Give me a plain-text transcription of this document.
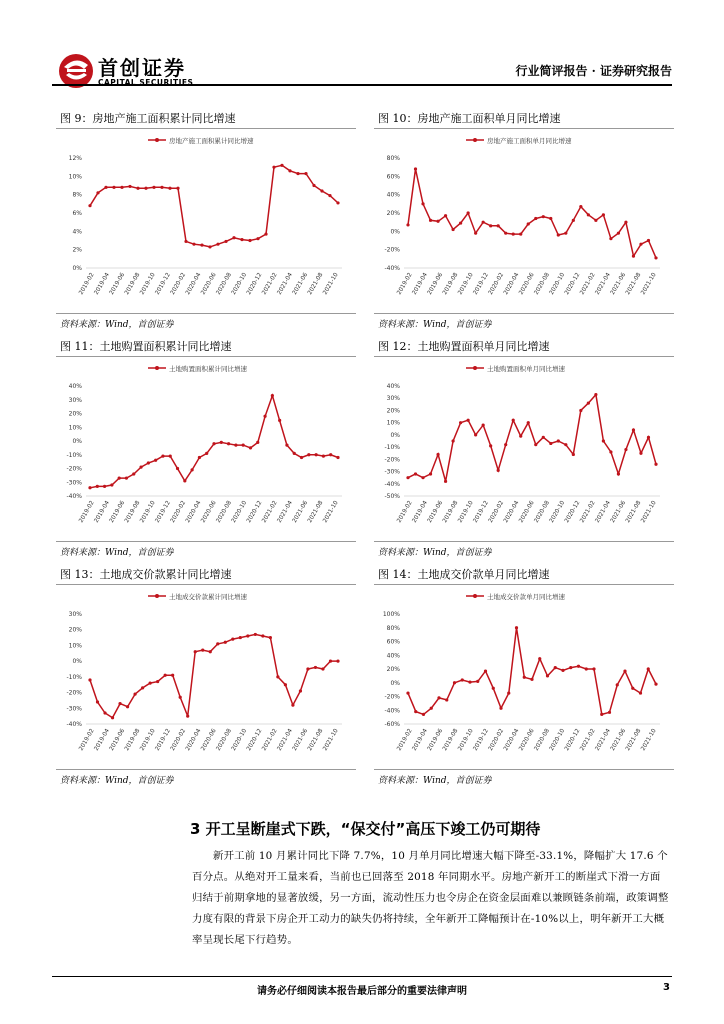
首创证券
CAPITAL SECURITIES
行业简评报告 · 证券研究报告
图 9：房地产施工面积累计同比增速
资料来源：Wind，首创证券
房地产施工面积累计同比增速
12%
10%
8%
6%
4%
2%
0%
2019-02
2019-04
2019-06
2019-08
2019-10
2019-12
2020-02
2020-04
2020-06
2020-08
2020-10
2020-12
2021-02
2021-04
2021-06
2021-08
2021-10
图 10：房地产施工面积单月同比增速
资料来源：Wind，首创证券
房地产施工面积单月同比增速
80%
60%
40%
20%
0%
-20%
-40%
2019-02
2019-04
2019-06
2019-08
2019-10
2019-12
2020-02
2020-04
2020-06
2020-08
2020-10
2020-12
2021-02
2021-04
2021-06
2021-08
2021-10
图 11：土地购置面积累计同比增速
资料来源：Wind，首创证券
土地购置面积累计同比增速
40%
30%
20%
10%
0%
-10%
-20%
-30%
-40%
2019-02
2019-04
2019-06
2019-08
2019-10
2019-12
2020-02
2020-04
2020-06
2020-08
2020-10
2020-12
2021-02
2021-04
2021-06
2021-08
2021-10
图 12：土地购置面积单月同比增速
资料来源：Wind，首创证券
土地购置面积单月同比增速
40%
30%
20%
10%
0%
-10%
-20%
-30%
-40%
-50%
2019-02
2019-04
2019-06
2019-08
2019-10
2019-12
2020-02
2020-04
2020-06
2020-08
2020-10
2020-12
2021-02
2021-04
2021-06
2021-08
2021-10
图 13：土地成交价款累计同比增速
资料来源：Wind，首创证券
土地成交价款累计同比增速
30%
20%
10%
0%
-10%
-20%
-30%
-40%
2019-02
2019-04
2019-06
2019-08
2019-10
2019-12
2020-02
2020-04
2020-06
2020-08
2020-10
2020-12
2021-02
2021-04
2021-06
2021-08
2021-10
图 14：土地成交价款单月同比增速
资料来源：Wind，首创证券
土地成交价款单月同比增速
100%
80%
60%
40%
20%
0%
-20%
-40%
-60%
2019-02
2019-04
2019-06
2019-08
2019-10
2019-12
2020-02
2020-04
2020-06
2020-08
2020-10
2020-12
2021-02
2021-04
2021-06
2021-08
2021-10
3 开工呈断崖式下跌，“保交付”高压下竣工仍可期待
新开工前 10 月累计同比下降 7.7%，10 月单月同比增速大幅下降至-33.1%，降幅扩大 17.6 个百分点。从绝对开工量来看，当前也已回落至 2018 年同期水平。房地产新开工的断崖式下滑一方面归结于前期拿地的显著放缓，另一方面，流动性压力也令房企在资金层面难以兼顾链条前端，政策调整力度有限的背景下房企开工动力的缺失仍将持续，全年新开工降幅预计在-10%以上，明年新开工大概率呈现长尾下行趋势。
请务必仔细阅读本报告最后部分的重要法律声明	3
